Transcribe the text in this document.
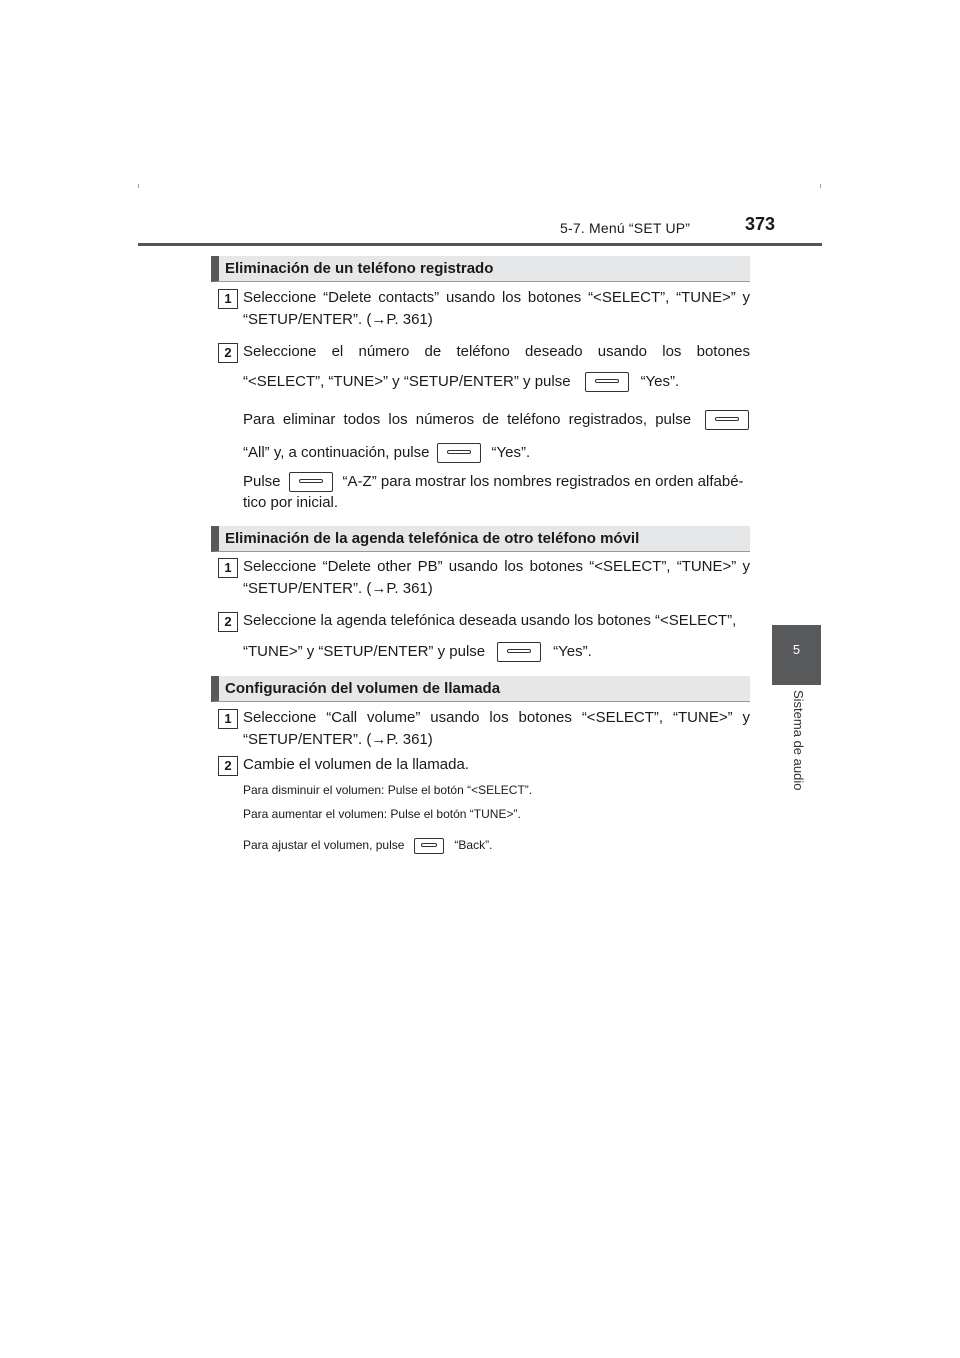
5-7. Menú “SET UP”	373
5
Sistema de audio
Eliminación de un teléfono registrado
1 Seleccione “Delete contacts” usando los botones “<SELECT”, “TUNE>” y
“SETUP/ENTER”. (→P. 361)
2 Seleccione el número de teléfono deseado usando los botones
“<SELECT”, “TUNE>” y “SETUP/ENTER” y pulse	“Yes”.
Para eliminar todos los números de teléfono registrados, pulse
“All” y, a continuación, pulse	“Yes”.
Pulse	“A-Z” para mostrar los nombres registrados en orden alfabé-
tico por inicial.
Eliminación de la agenda telefónica de otro teléfono móvil
1 Seleccione “Delete other PB” usando los botones “<SELECT”, “TUNE>” y
“SETUP/ENTER”. (→P. 361)
2 Seleccione la agenda telefónica deseada usando los botones “<SELECT”,
“TUNE>” y “SETUP/ENTER” y pulse	“Yes”.
Configuración del volumen de llamada
1 Seleccione “Call volume” usando los botones “<SELECT”, “TUNE>” y
“SETUP/ENTER”. (→P. 361)
2 Cambie el volumen de la llamada.
Para disminuir el volumen: Pulse el botón “<SELECT”.
Para aumentar el volumen: Pulse el botón “TUNE>”.
Para ajustar el volumen, pulse	“Back”.
